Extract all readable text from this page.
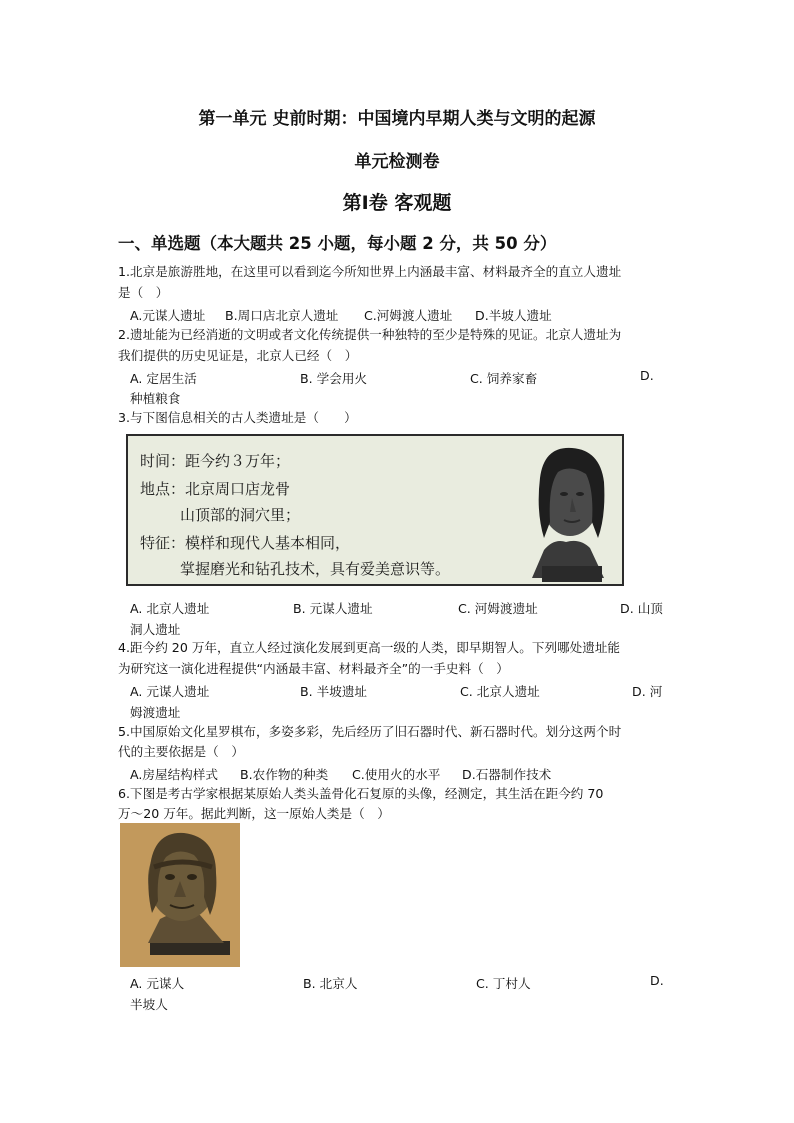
第一单元 史前时期：中国境内早期人类与文明的起源
单元检测卷
第Ⅰ卷 客观题
一、单选题（本大题共 25 小题，每小题 2 分，共 50 分）
1.北京是旅游胜地，在这里可以看到迄今所知世界上内涵最丰富、材料最齐全的直立人遗址
是（　）
A.元谋人遗址 B.周口店北京人遗址 C.河姆渡人遗址 D.半坡人遗址
2.遗址能为已经消逝的文明或者文化传统提供一种独特的至少是特殊的见证。北京人遗址为
我们提供的历史见证是，北京人已经（　）
A. 定居生活	B. 学会用火	C. 饲养家畜	D.
种植粮食
3.与下图信息相关的古人类遗址是（　　）
时间：距今约３万年；
地点：北京周口店龙骨
山顶部的洞穴里；
特征：模样和现代人基本相同，
掌握磨光和钻孔技术，具有爱美意识等。
A. 北京人遗址	B. 元谋人遗址	C. 河姆渡遗址	D. 山顶
洞人遗址
4.距今约 20 万年，直立人经过演化发展到更高一级的人类，即早期智人。下列哪处遗址能
为研究这一演化进程提供“内涵最丰富、材料最齐全”的一手史料（　）
A. 元谋人遗址	B. 半坡遗址	C. 北京人遗址	D. 河
姆渡遗址
5.中国原始文化星罗棋布，多姿多彩，先后经历了旧石器时代、新石器时代。划分这两个时
代的主要依据是（　）
A.房屋结构样式 B.农作物的种类 C.使用火的水平 D.石器制作技术
6.下图是考古学家根据某原始人类头盖骨化石复原的头像，经测定，其生活在距今约 70
万～20 万年。据此判断，这一原始人类是（　）
A. 元谋人	B. 北京人	C. 丁村人	D.
半坡人
